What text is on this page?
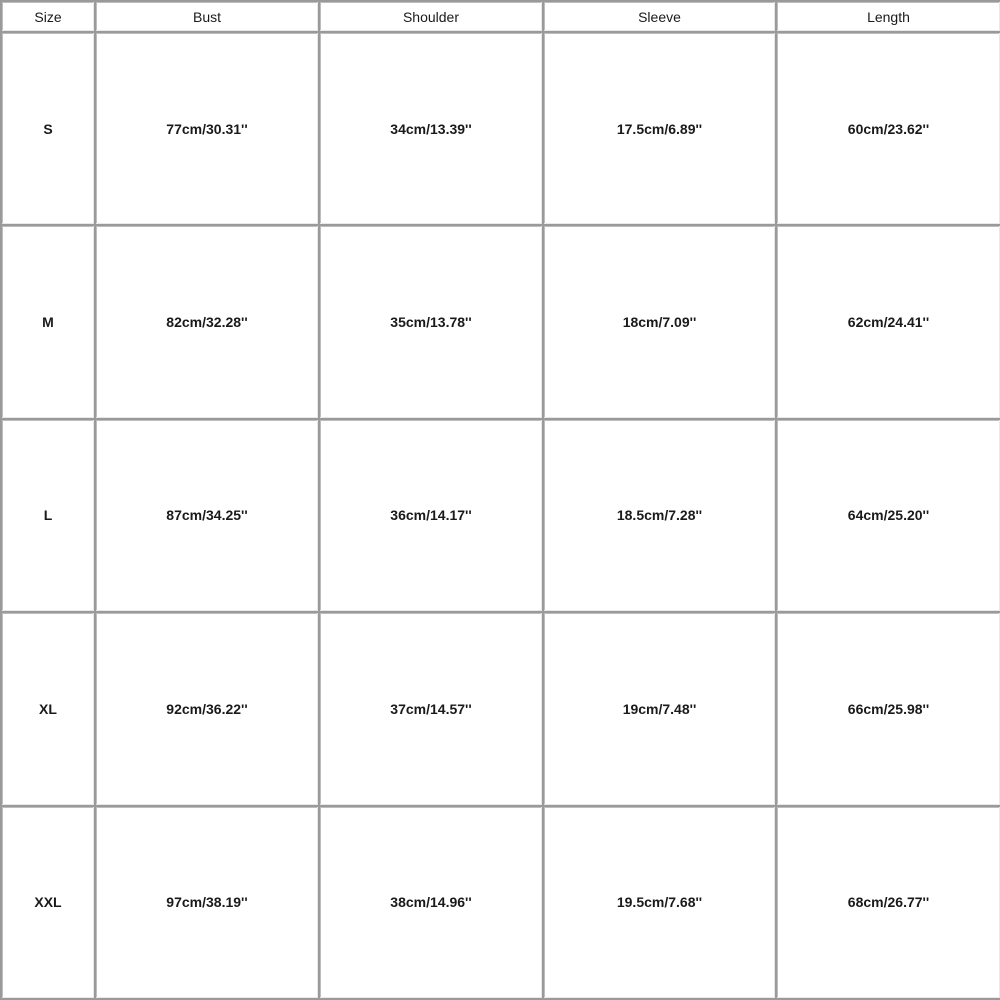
Size	Bust	Shoulder	Sleeve	Length
S	77cm/30.31''	34cm/13.39''	17.5cm/6.89''	60cm/23.62''
M	82cm/32.28''	35cm/13.78''	18cm/7.09''	62cm/24.41''
L	87cm/34.25''	36cm/14.17''	18.5cm/7.28''	64cm/25.20''
XL	92cm/36.22''	37cm/14.57''	19cm/7.48''	66cm/25.98''
XXL	97cm/38.19''	38cm/14.96''	19.5cm/7.68''	68cm/26.77''
